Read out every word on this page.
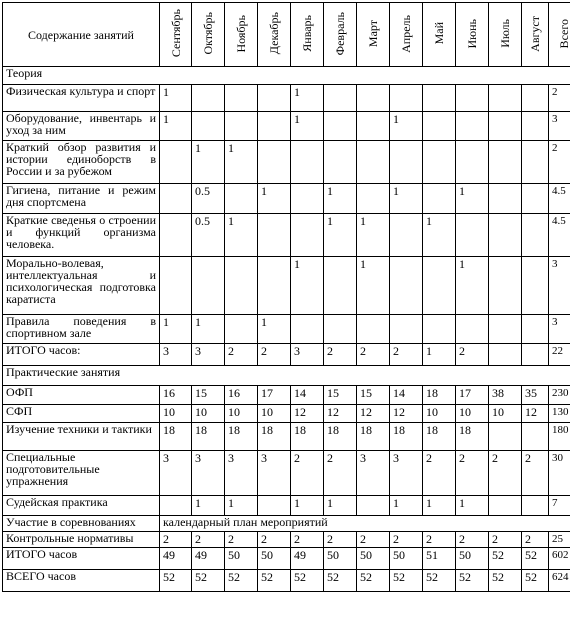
Содержание занятий	Сентябрь	Октябрь	Ноябрь	Декабрь	Январь	Февраль	Март	Апрель	Май	Июнь	Июль	Август	Всего
Теория													
Физическая культура и спорт	1				1								2
Оборудование, инвентарь и уход за ним	1				1			1					3
Краткий обзор развития и истории единоборств в России и за рубежом		1	1										2
Гигиена, питание и режим дня спортсмена		0.5		1		1		1		1			4.5
Краткие сведенья о строении и функций организма человека.		0.5	1			1	1		1				4.5
Морально-волевая, интеллектуальная и психологическая подготовка каратиста					1		1			1			3
Правила поведения в спортивном зале	1	1		1									3
ИТОГО часов:	3	3	2	2	3	2	2	2	1	2			22
Практические занятия													
ОФП	16	15	16	17	14	15	15	14	18	17	38	35	230
СФП	10	10	10	10	12	12	12	12	10	10	10	12	130
Изучение техники и тактики	18	18	18	18	18	18	18	18	18	18			180
Специальные подготовительные упражнения	3	3	3	3	2	2	3	3	2	2	2	2	30
Судейская практика		1	1		1	1		1	1	1			7
Участие в соревнованиях	календарный план мероприятий												
Контрольные нормативы	2	2	2	2	2	2	2	2	2	2	2	2	25
ИТОГО часов	49	49	50	50	49	50	50	50	51	50	52	52	602
ВСЕГО часов	52	52	52	52	52	52	52	52	52	52	52	52	624
